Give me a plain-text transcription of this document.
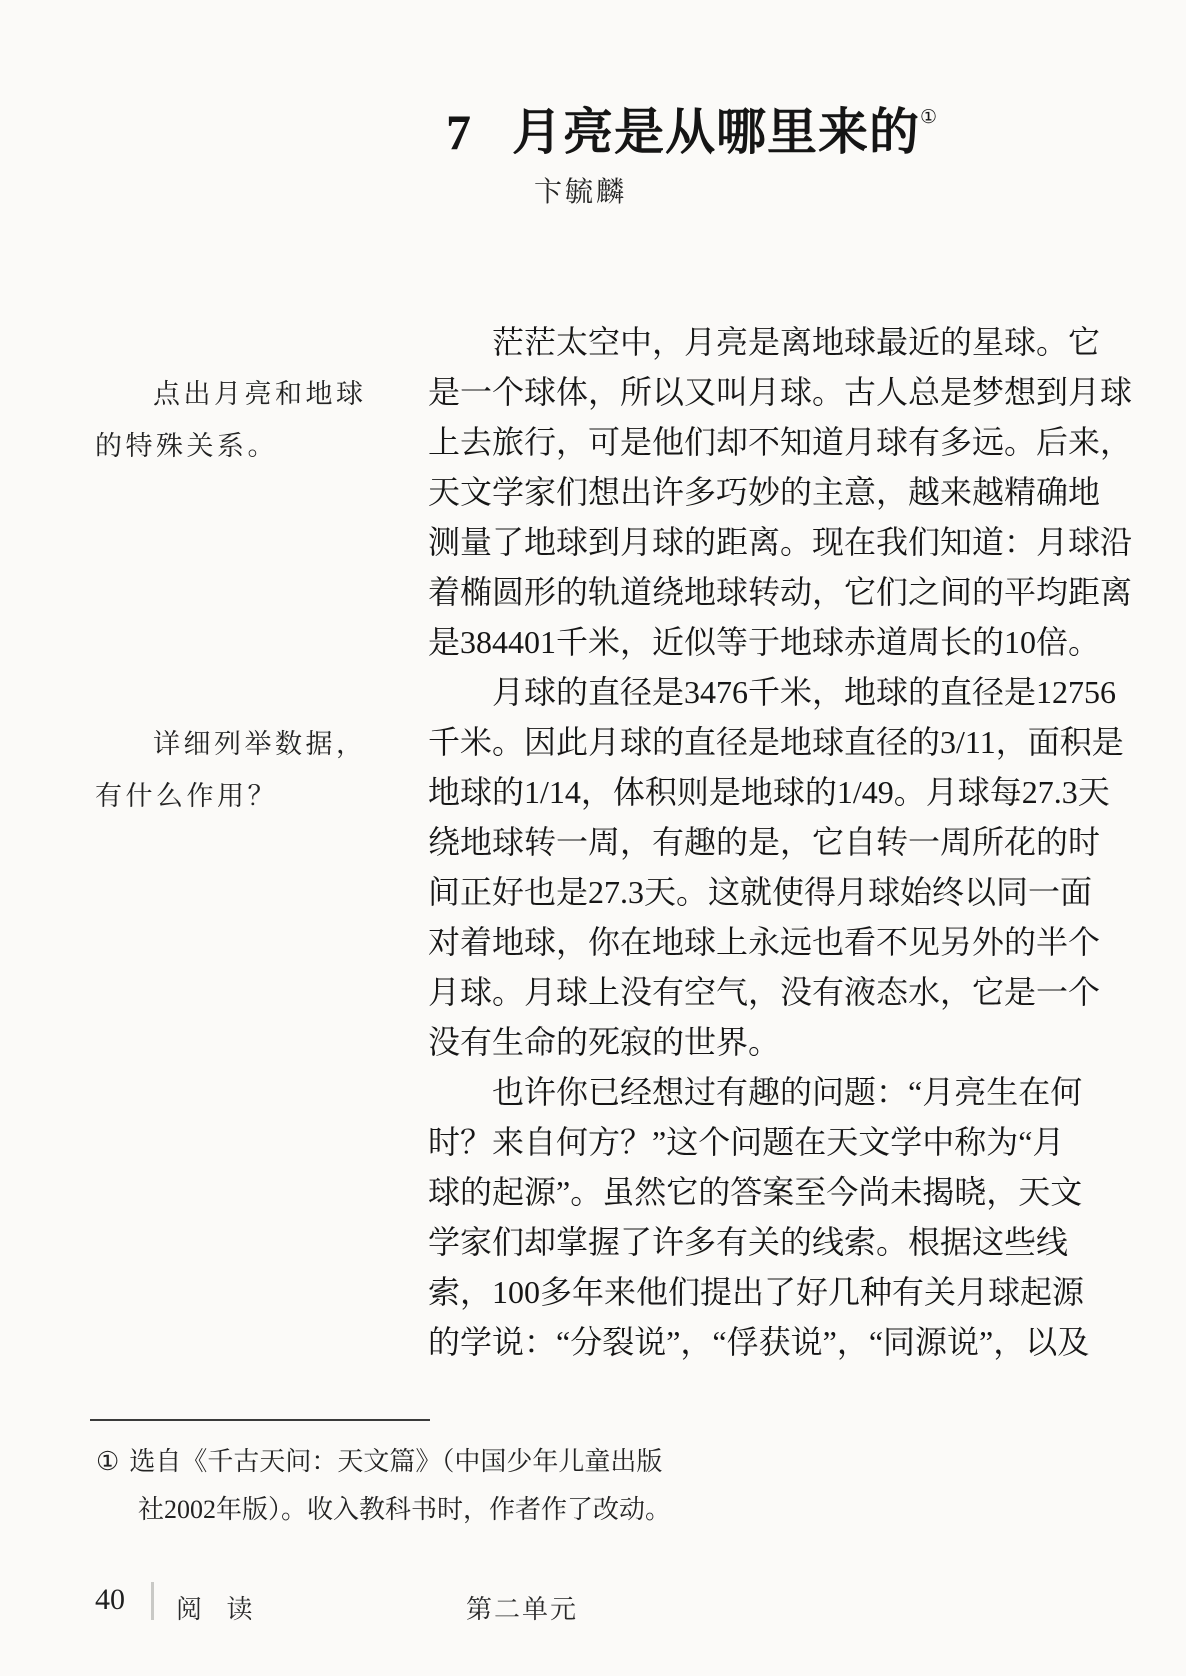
7 月亮是从哪里来的①
卞毓麟
点出月亮和地球
的特殊关系。
详细列举数据，
有什么作用？
茫茫太空中，月亮是离地球最近的星球。它
是一个球体，所以又叫月球。古人总是梦想到月球
上去旅行，可是他们却不知道月球有多远。后来，
天文学家们想出许多巧妙的主意，越来越精确地
测量了地球到月球的距离。现在我们知道：月球沿
着椭圆形的轨道绕地球转动，它们之间的平均距离
是384401千米，近似等于地球赤道周长的10倍。
月球的直径是3476千米，地球的直径是12756
千米。因此月球的直径是地球直径的3/11，面积是
地球的1/14，体积则是地球的1/49。月球每27.3天
绕地球转一周，有趣的是，它自转一周所花的时
间正好也是27.3天。这就使得月球始终以同一面
对着地球，你在地球上永远也看不见另外的半个
月球。月球上没有空气，没有液态水，它是一个
没有生命的死寂的世界。
也许你已经想过有趣的问题：“月亮生在何
时？来自何方？”这个问题在天文学中称为“月
球的起源”。虽然它的答案至今尚未揭晓，天文
学家们却掌握了许多有关的线索。根据这些线
索，100多年来他们提出了好几种有关月球起源
的学说：“分裂说”，“俘获说”，“同源说”，以及
① 选自《千古天问：天文篇》（中国少年儿童出版
社2002年版）。收入教科书时，作者作了改动。
40 阅 读	第二单元
